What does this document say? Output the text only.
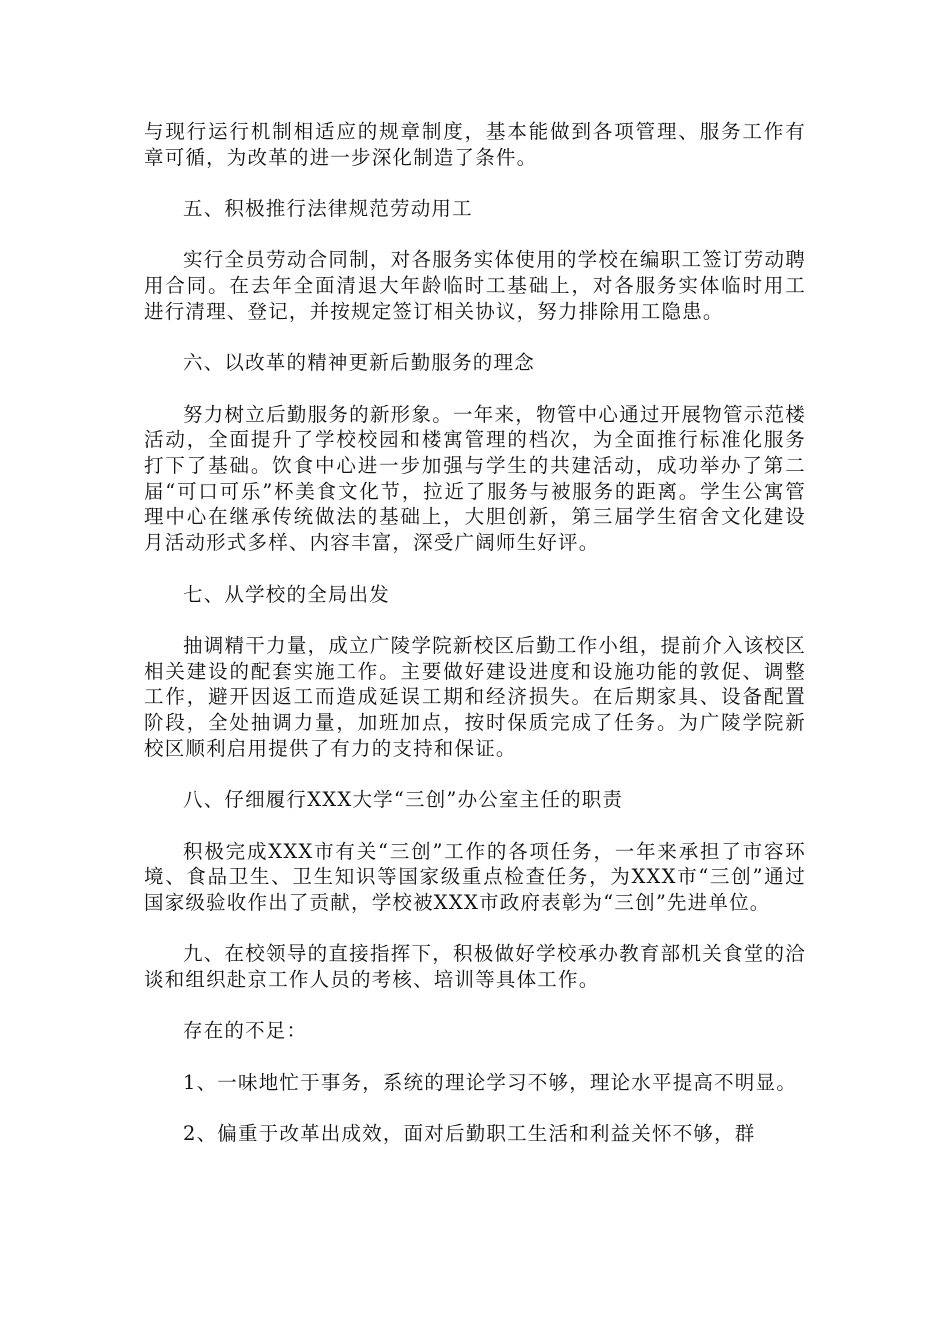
与现行运行机制相适应的规章制度，基本能做到各项管理、服务工作有章可循，为改革的进一步深化制造了条件。

五、积极推行法律规范劳动用工

实行全员劳动合同制，对各服务实体使用的学校在编职工签订劳动聘用合同。在去年全面清退大年龄临时工基础上，对各服务实体临时用工进行清理、登记，并按规定签订相关协议，努力排除用工隐患。

六、以改革的精神更新后勤服务的理念

努力树立后勤服务的新形象。一年来，物管中心通过开展物管示范楼活动，全面提升了学校校园和楼寓管理的档次，为全面推行标准化服务打下了基础。饮食中心进一步加强与学生的共建活动，成功举办了第二届“可口可乐”杯美食文化节，拉近了服务与被服务的距离。学生公寓管理中心在继承传统做法的基础上，大胆创新，第三届学生宿舍文化建设月活动形式多样、内容丰富，深受广阔师生好评。

七、从学校的全局出发

抽调精干力量，成立广陵学院新校区后勤工作小组，提前介入该校区相关建设的配套实施工作。主要做好建设进度和设施功能的敦促、调整工作，避开因返工而造成延误工期和经济损失。在后期家具、设备配置阶段，全处抽调力量，加班加点，按时保质完成了任务。为广陵学院新校区顺利启用提供了有力的支持和保证。

八、仔细履行XXX大学“三创”办公室主任的职责

积极完成XXX市有关“三创”工作的各项任务，一年来承担了市容环境、食品卫生、卫生知识等国家级重点检查任务，为XXX市“三创”通过国家级验收作出了贡献，学校被XXX市政府表彰为“三创”先进单位。

九、在校领导的直接指挥下，积极做好学校承办教育部机关食堂的洽谈和组织赴京工作人员的考核、培训等具体工作。

存在的不足：

1、一味地忙于事务，系统的理论学习不够，理论水平提高不明显。

2、偏重于改革出成效，面对后勤职工生活和利益关怀不够，群
